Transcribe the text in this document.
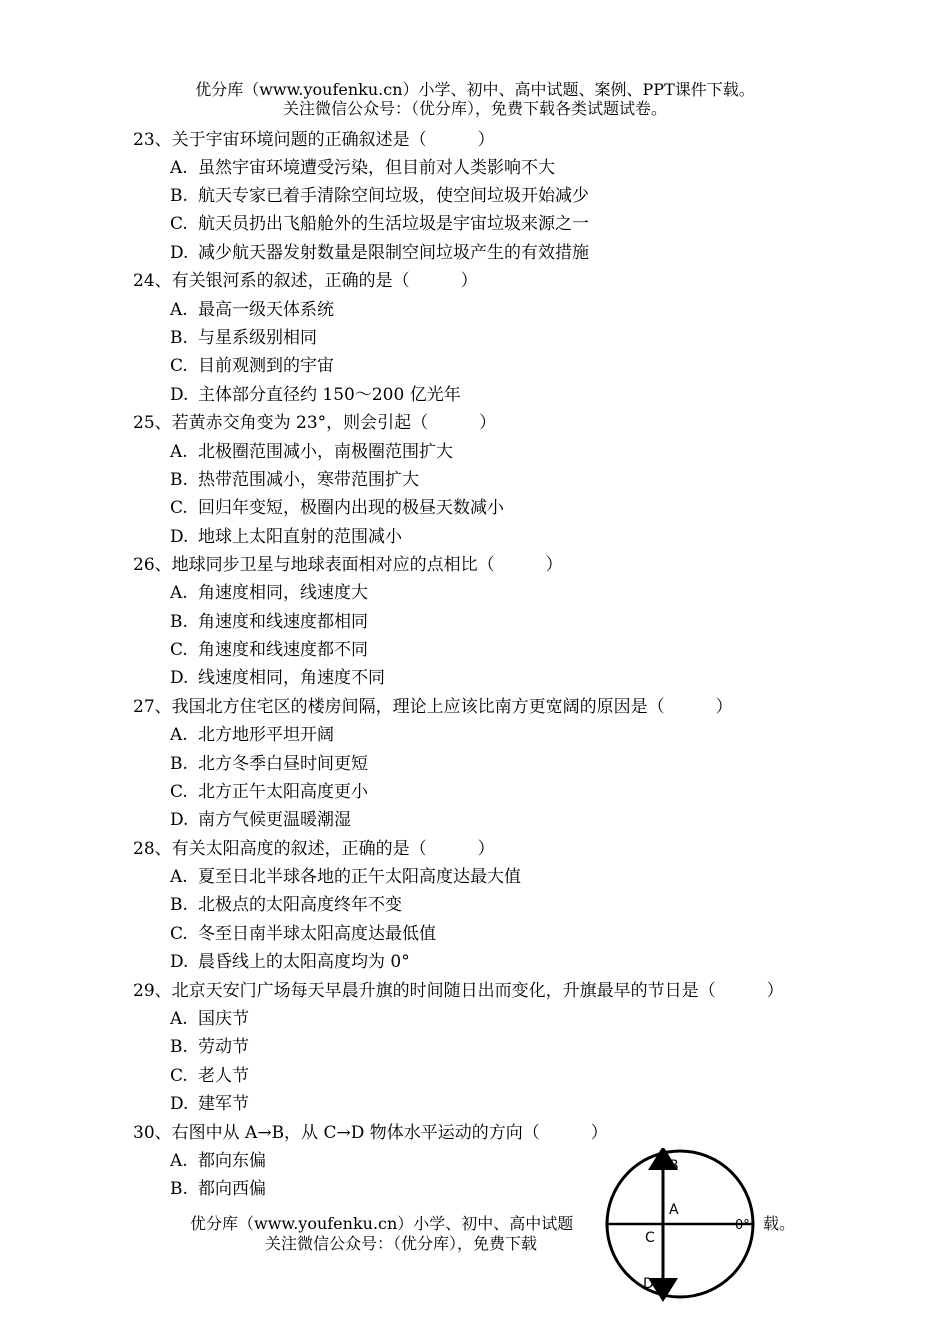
优分库（www.youfenku.cn）小学、初中、高中试题、案例、PPT课件下载。
关注微信公众号：（优分库），免费下载各类试题试卷。
23、关于宇宙环境问题的正确叙述是（　　　）
A. 虽然宇宙环境遭受污染，但目前对人类影响不大
B. 航天专家已着手清除空间垃圾，使空间垃圾开始减少
C. 航天员扔出飞船舱外的生活垃圾是宇宙垃圾来源之一
D. 减少航天器发射数量是限制空间垃圾产生的有效措施
24、有关银河系的叙述，正确的是（　　　）
A. 最高一级天体系统
B. 与星系级别相同
C. 目前观测到的宇宙
D. 主体部分直径约 150～200 亿光年
25、若黄赤交角变为 23°，则会引起（　　　）
A. 北极圈范围减小，南极圈范围扩大
B. 热带范围减小，寒带范围扩大
C. 回归年变短，极圈内出现的极昼天数减小
D. 地球上太阳直射的范围减小
26、地球同步卫星与地球表面相对应的点相比（　　　）
A. 角速度相同，线速度大
B. 角速度和线速度都相同
C. 角速度和线速度都不同
D. 线速度相同，角速度不同
27、我国北方住宅区的楼房间隔，理论上应该比南方更宽阔的原因是（　　　）
A. 北方地形平坦开阔
B. 北方冬季白昼时间更短
C. 北方正午太阳高度更小
D. 南方气候更温暖潮湿
28、有关太阳高度的叙述，正确的是（　　　）
A. 夏至日北半球各地的正午太阳高度达最大值
B. 北极点的太阳高度终年不变
C. 冬至日南半球太阳高度达最低值
D. 晨昏线上的太阳高度均为 0°
29、北京天安门广场每天早晨升旗的时间随日出而变化，升旗最早的节日是（　　　）
A. 国庆节
B. 劳动节
C. 老人节
D. 建军节
30、右图中从 A→B，从 C→D 物体水平运动的方向（　　　）
A. 都向东偏
B. 都向西偏
优分库（www.youfenku.cn）小学、初中、高中试题
关注微信公众号：（优分库），免费下载
载。
B
A
C
D
0°
